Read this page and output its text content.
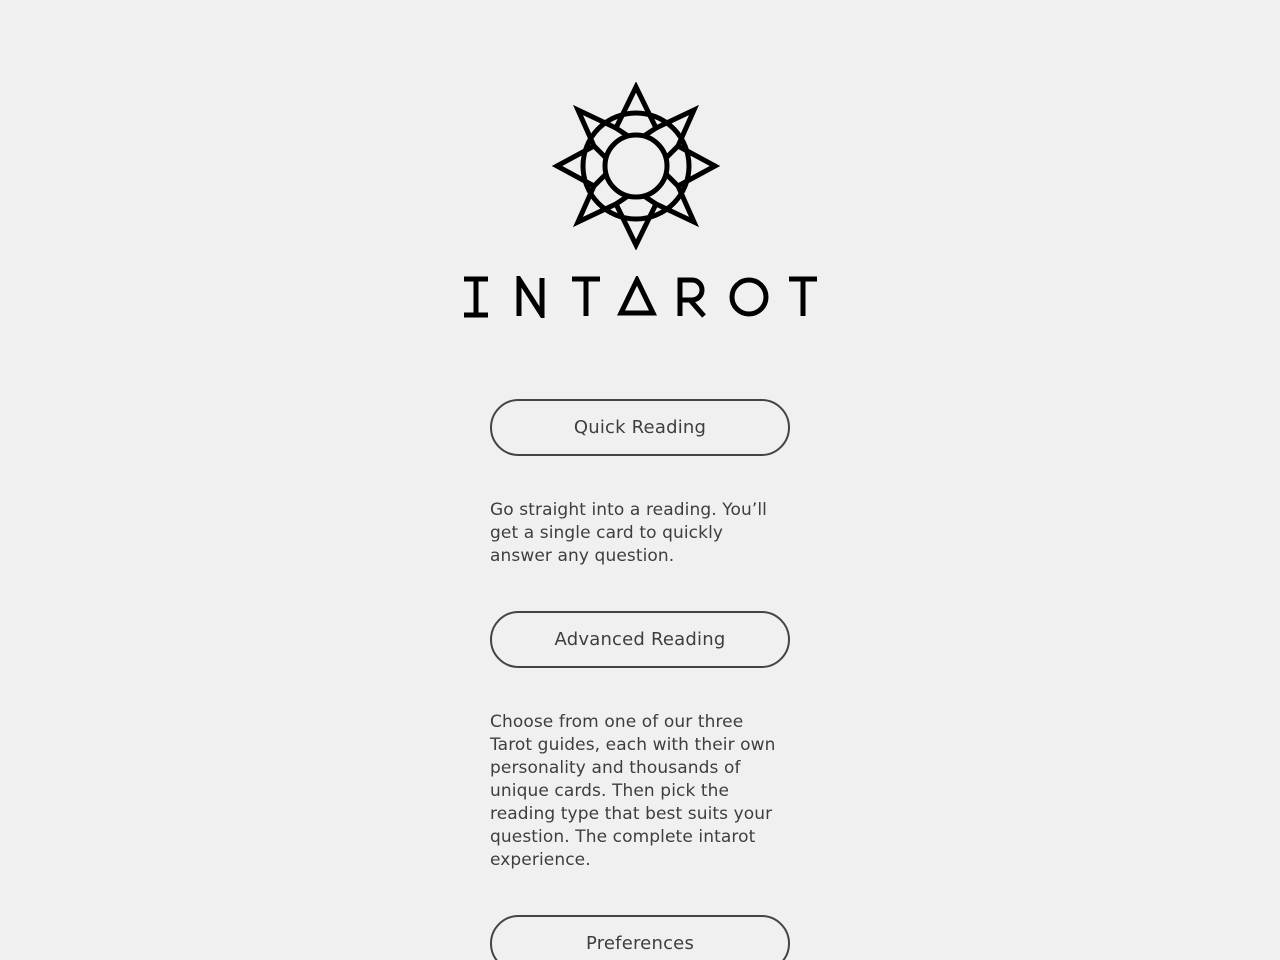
Quick Reading

Go straight into a reading. You’ll get a single card to quickly answer any question.

Advanced Reading

Choose from one of our three Tarot guides, each with their own personality and thousands of unique cards. Then pick the reading type that best suits your question. The complete intarot experience.

Preferences
